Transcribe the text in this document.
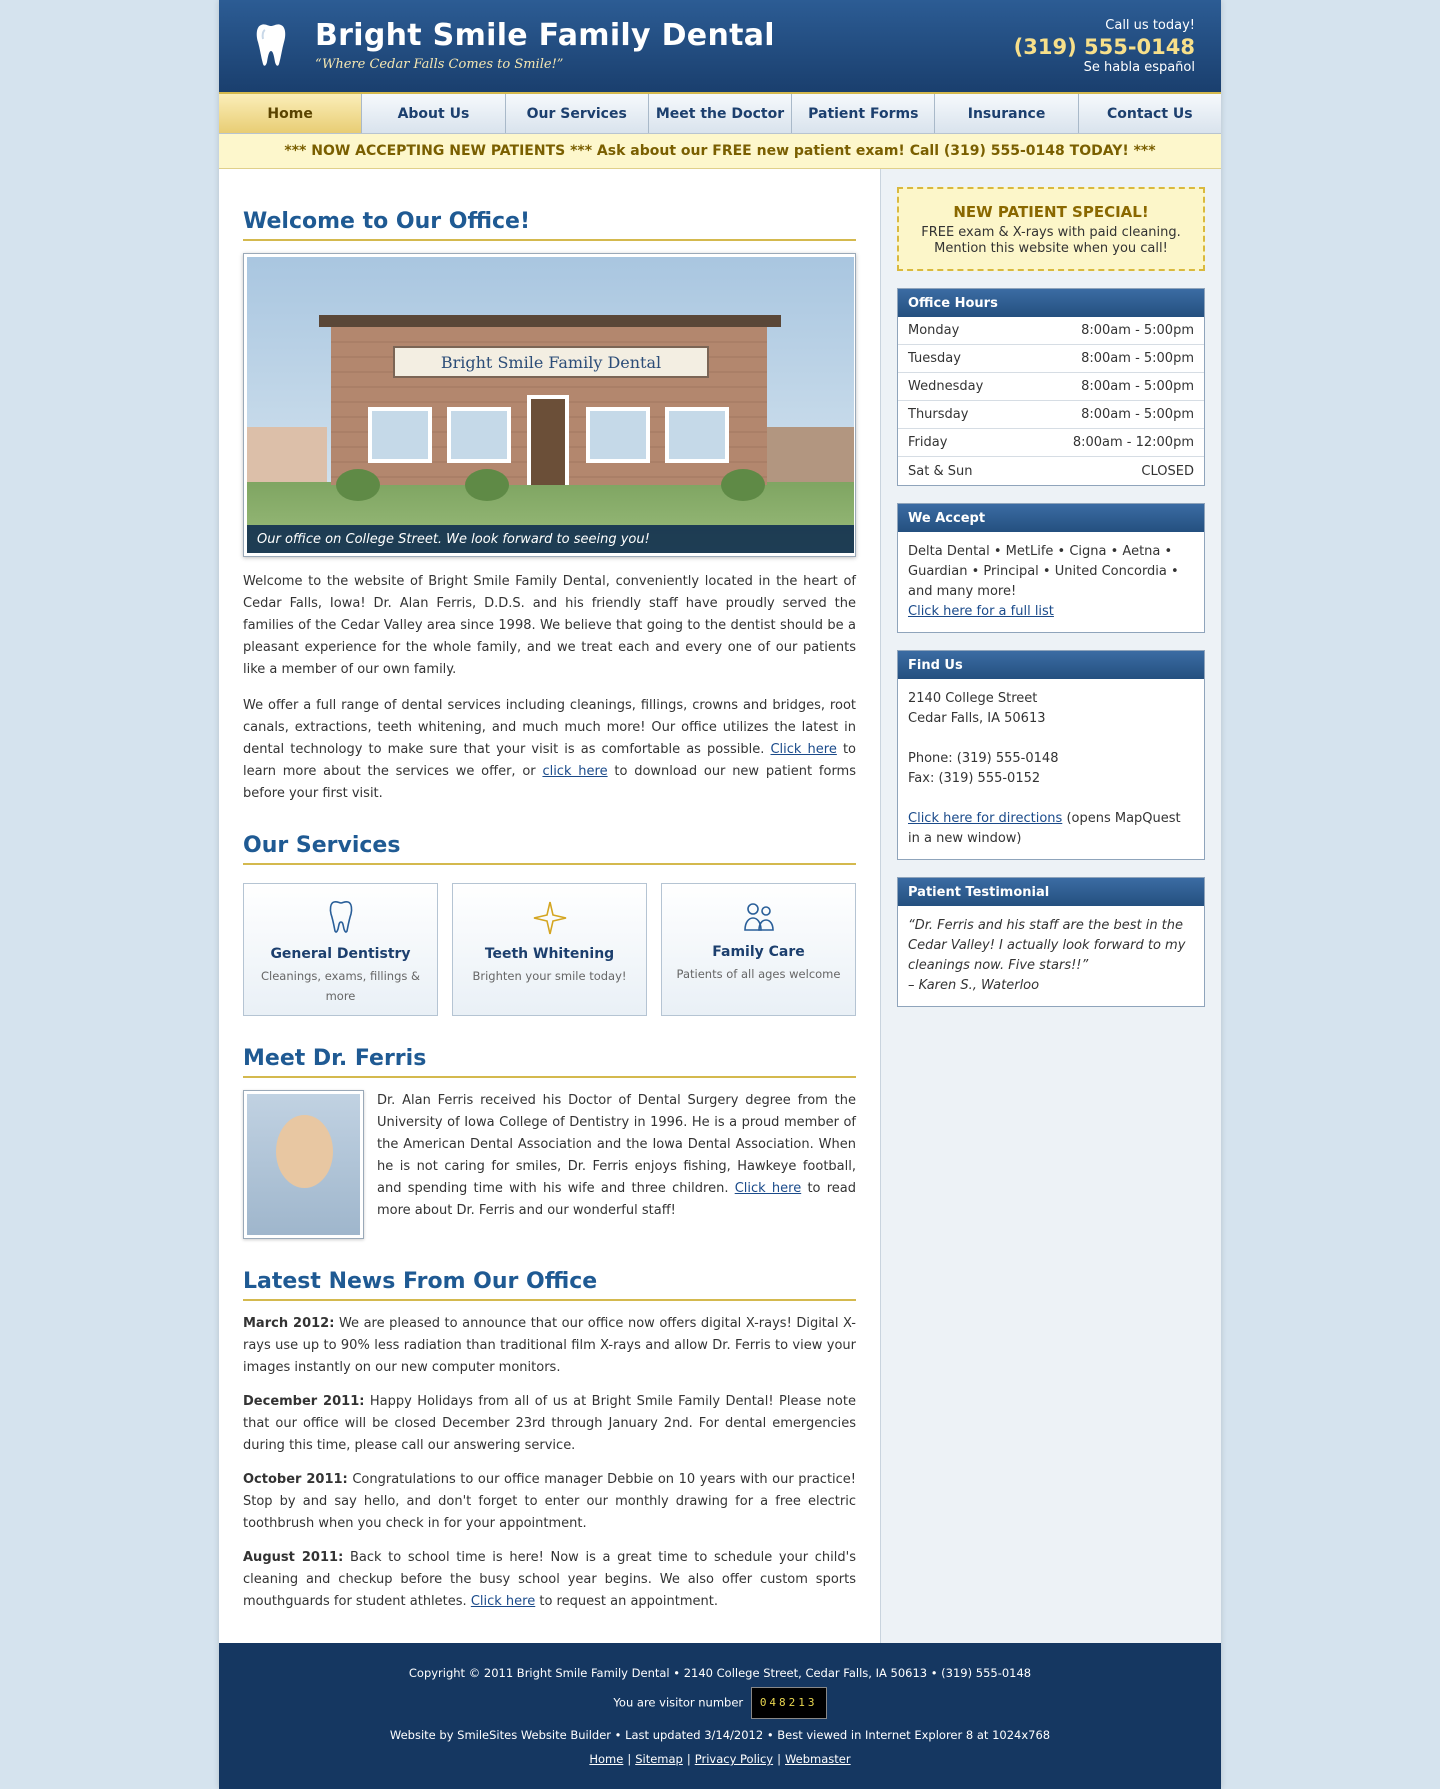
Bright Smile Family Dental
“Where Cedar Falls Comes to Smile!”
Call us today!
(319) 555-0148
Se habla español
Home	About Us	Our Services	Meet the Doctor	Patient Forms	Insurance	Contact Us
*** NOW ACCEPTING NEW PATIENTS *** Ask about our FREE new patient exam! Call (319) 555-0148 TODAY! ***
Welcome to Our Office!
Bright Smile Family Dental
Our office on College Street. We look forward to seeing you!

Welcome to the website of Bright Smile Family Dental, conveniently located in the heart of Cedar Falls, Iowa! Dr. Alan Ferris, D.D.S. and his friendly staff have proudly served the families of the Cedar Valley area since 1998. We believe that going to the dentist should be a pleasant experience for the whole family, and we treat each and every one of our patients like a member of our own family.

We offer a full range of dental services including cleanings, fillings, crowns and bridges, root canals, extractions, teeth whitening, and much much more! Our office utilizes the latest in dental technology to make sure that your visit is as comfortable as possible. Click here to learn more about the services we offer, or click here to download our new patient forms before your first visit.

Our Services
General Dentistry
Cleanings, exams, fillings & more
Teeth Whitening
Brighten your smile today!
Family Care
Patients of all ages welcome
Meet Dr. Ferris
Dr. Alan Ferris received his Doctor of Dental Surgery degree from the University of Iowa College of Dentistry in 1996. He is a proud member of the American Dental Association and the Iowa Dental Association. When he is not caring for smiles, Dr. Ferris enjoys fishing, Hawkeye football, and spending time with his wife and three children. Click here to read more about Dr. Ferris and our wonderful staff!
Latest News From Our Office
March 2012: We are pleased to announce that our office now offers digital X-rays! Digital X-rays use up to 90% less radiation than traditional film X-rays and allow Dr. Ferris to view your images instantly on our new computer monitors.
December 2011: Happy Holidays from all of us at Bright Smile Family Dental! Please note that our office will be closed December 23rd through January 2nd. For dental emergencies during this time, please call our answering service.
October 2011: Congratulations to our office manager Debbie on 10 years with our practice! Stop by and say hello, and don't forget to enter our monthly drawing for a free electric toothbrush when you check in for your appointment.
August 2011: Back to school time is here! Now is a great time to schedule your child's cleaning and checkup before the busy school year begins. We also offer custom sports mouthguards for student athletes. Click here to request an appointment.
NEW PATIENT SPECIAL!
FREE exam & X-rays with paid cleaning.
Mention this website when you call!
Office Hours
Monday	8:00am - 5:00pm
Tuesday	8:00am - 5:00pm
Wednesday	8:00am - 5:00pm
Thursday	8:00am - 5:00pm
Friday	8:00am - 12:00pm
Sat & Sun	CLOSED
We Accept
Delta Dental • MetLife • Cigna • Aetna • Guardian • Principal • United Concordia • and many more!
Click here for a full list
Find Us
2140 College Street
Cedar Falls, IA 50613
Phone: (319) 555-0148
Fax: (319) 555-0152
Click here for directions (opens MapQuest in a new window)
Patient Testimonial
“Dr. Ferris and his staff are the best in the Cedar Valley! I actually look forward to my cleanings now. Five stars!!”
– Karen S., Waterloo
Copyright © 2011 Bright Smile Family Dental • 2140 College Street, Cedar Falls, IA 50613 • (319) 555-0148
You are visitor number 048213
Website by SmileSites Website Builder • Last updated 3/14/2012 • Best viewed in Internet Explorer 8 at 1024x768
Home | Sitemap | Privacy Policy | Webmaster
